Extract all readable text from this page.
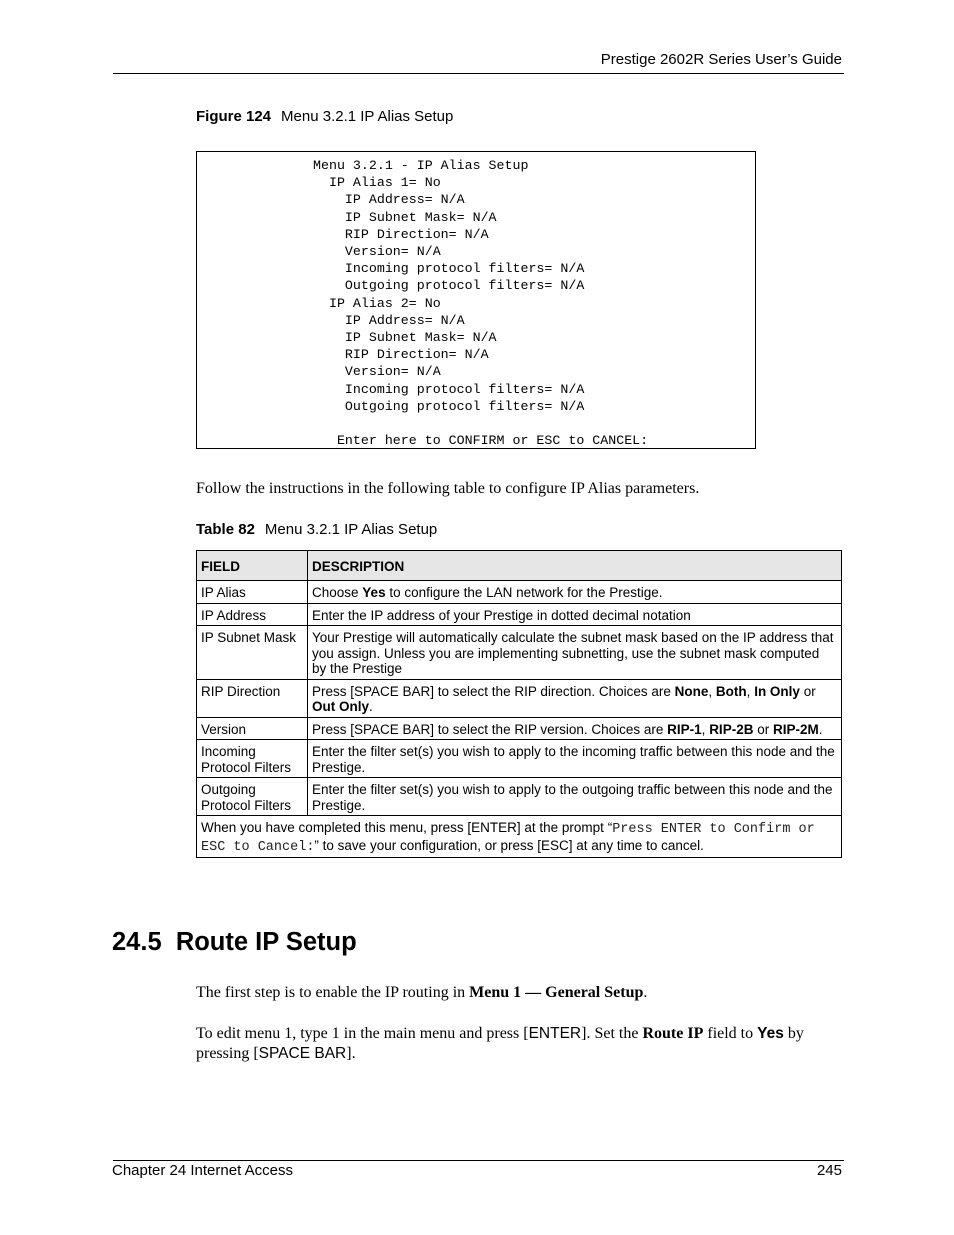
Prestige 2602R Series User’s Guide
Figure 124 Menu 3.2.1 IP Alias Setup
Menu 3.2.1 - IP Alias Setup
IP Alias 1= No
IP Address= N/A
IP Subnet Mask= N/A
RIP Direction= N/A
Version= N/A
Incoming protocol filters= N/A
Outgoing protocol filters= N/A
IP Alias 2= No
IP Address= N/A
IP Subnet Mask= N/A
RIP Direction= N/A
Version= N/A
Incoming protocol filters= N/A
Outgoing protocol filters= N/A

Enter here to CONFIRM or ESC to CANCEL:
Follow the instructions in the following table to configure IP Alias parameters.
Table 82 Menu 3.2.1 IP Alias Setup
FIELD	DESCRIPTION
IP Alias	Choose Yes to configure the LAN network for the Prestige.
IP Address	Enter the IP address of your Prestige in dotted decimal notation
IP Subnet Mask	Your Prestige will automatically calculate the subnet mask based on the IP address that you assign. Unless you are implementing subnetting, use the subnet mask computed by the Prestige
RIP Direction	Press [SPACE BAR] to select the RIP direction. Choices are None, Both, In Only or Out Only.
Version	Press [SPACE BAR] to select the RIP version. Choices are RIP-1, RIP-2B or RIP-2M.
Incoming Protocol Filters	Enter the filter set(s) you wish to apply to the incoming traffic between this node and the Prestige.
Outgoing Protocol Filters	Enter the filter set(s) you wish to apply to the outgoing traffic between this node and the Prestige.
When you have completed this menu, press [ENTER] at the prompt “Press ENTER to Confirm or ESC to Cancel:” to save your configuration, or press [ESC] at any time to cancel.	
24.5 Route IP Setup
The first step is to enable the IP routing in Menu 1 — General Setup.
To edit menu 1, type 1 in the main menu and press [ENTER]. Set the Route IP field to Yes by pressing [SPACE BAR].
Chapter 24 Internet Access	245
